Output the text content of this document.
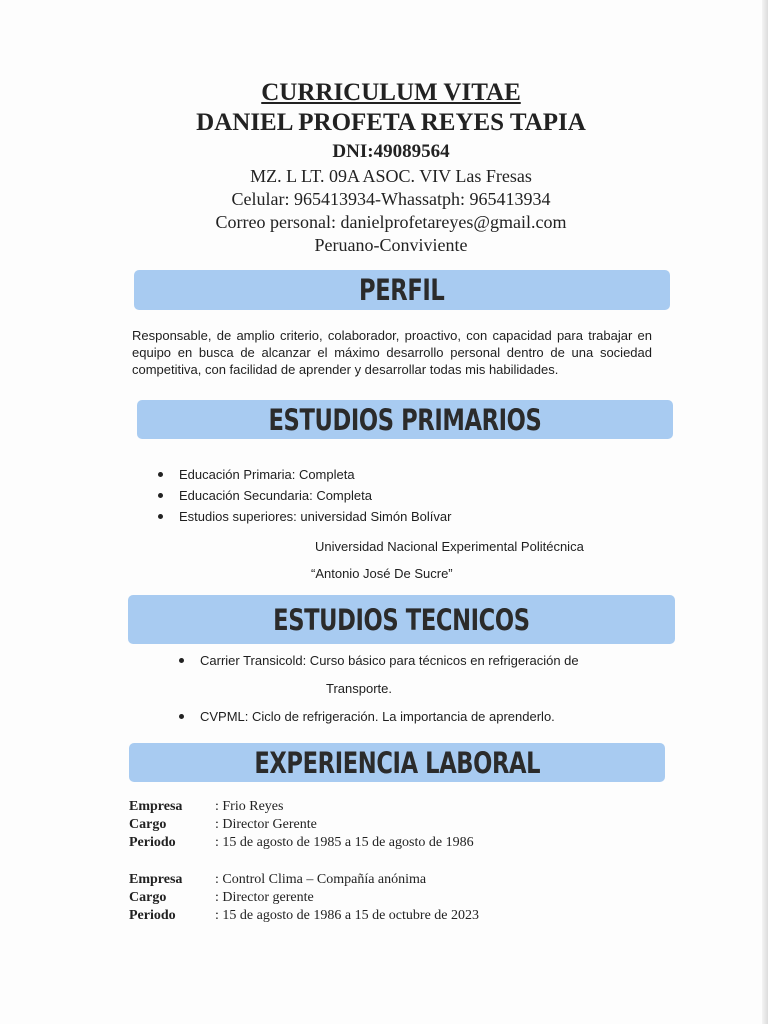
CURRICULUM VITAE
DANIEL PROFETA REYES TAPIA
DNI:49089564
MZ. L LT. 09A ASOC. VIV Las Fresas
Celular: 965413934-Whassatph: 965413934
Correo personal: danielprofetareyes@gmail.com
Peruano-Conviviente
PERFIL
Responsable, de amplio criterio, colaborador, proactivo, con capacidad para trabajar en equipo en busca de alcanzar el máximo desarrollo personal dentro de una sociedad competitiva, con facilidad de aprender y desarrollar todas mis habilidades.
ESTUDIOS PRIMARIOS
Educación Primaria: Completa
Educación Secundaria: Completa
Estudios superiores: universidad Simón Bolívar
Universidad Nacional Experimental Politécnica
“Antonio José De Sucre”
ESTUDIOS TECNICOS
Carrier Transicold: Curso básico para técnicos en refrigeración de
Transporte.
CVPML: Ciclo de refrigeración. La importancia de aprenderlo.
EXPERIENCIA LABORAL
Empresa : Frio Reyes
Cargo	: Director Gerente
Periodo	: 15 de agosto de 1985 a 15 de agosto de 1986
Empresa : Control Clima – Compañía anónima
Cargo	: Director gerente
Periodo	: 15 de agosto de 1986 a 15 de octubre de 2023
